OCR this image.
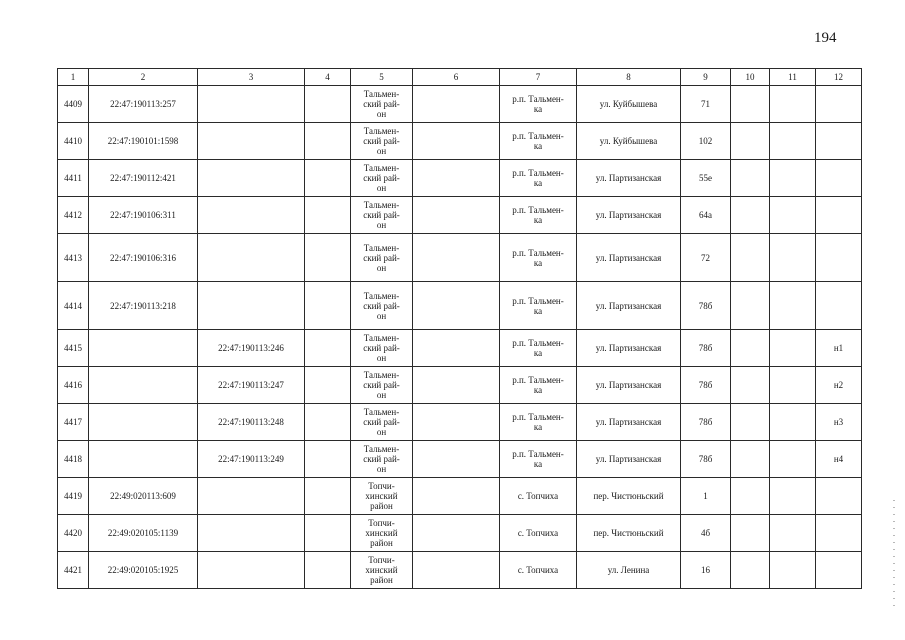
194
1	2	3	4	5	6	7	8	9	10	11	12
4409	22:47:190113:257			Тальмен-
ский рай-
он		р.п. Тальмен-
ка	ул. Куйбышева	71			
4410	22:47:190101:1598			Тальмен-
ский рай-
он		р.п. Тальмен-
ка	ул. Куйбышева	102			
4411	22:47:190112:421			Тальмен-
ский рай-
он		р.п. Тальмен-
ка	ул. Партизанская	55е			
4412	22:47:190106:311			Тальмен-
ский рай-
он		р.п. Тальмен-
ка	ул. Партизанская	64а			
4413	22:47:190106:316			Тальмен-
ский рай-
он		р.п. Тальмен-
ка	ул. Партизанская	72			
4414	22:47:190113:218			Тальмен-
ский рай-
он		р.п. Тальмен-
ка	ул. Партизанская	78б			
4415		22:47:190113:246		Тальмен-
ский рай-
он		р.п. Тальмен-
ка	ул. Партизанская	78б			н1
4416		22:47:190113:247		Тальмен-
ский рай-
он		р.п. Тальмен-
ка	ул. Партизанская	78б			н2
4417		22:47:190113:248		Тальмен-
ский рай-
он		р.п. Тальмен-
ка	ул. Партизанская	78б			н3
4418		22:47:190113:249		Тальмен-
ский рай-
он		р.п. Тальмен-
ка	ул. Партизанская	78б			н4
4419	22:49:020113:609			Топчи-
хинский
район		с. Топчиха	пер. Чистюньский	1			
4420	22:49:020105:1139			Топчи-
хинский
район		с. Топчиха	пер. Чистюньский	4б			
4421	22:49:020105:1925			Топчи-
хинский
район		с. Топчиха	ул. Ленина	16			
